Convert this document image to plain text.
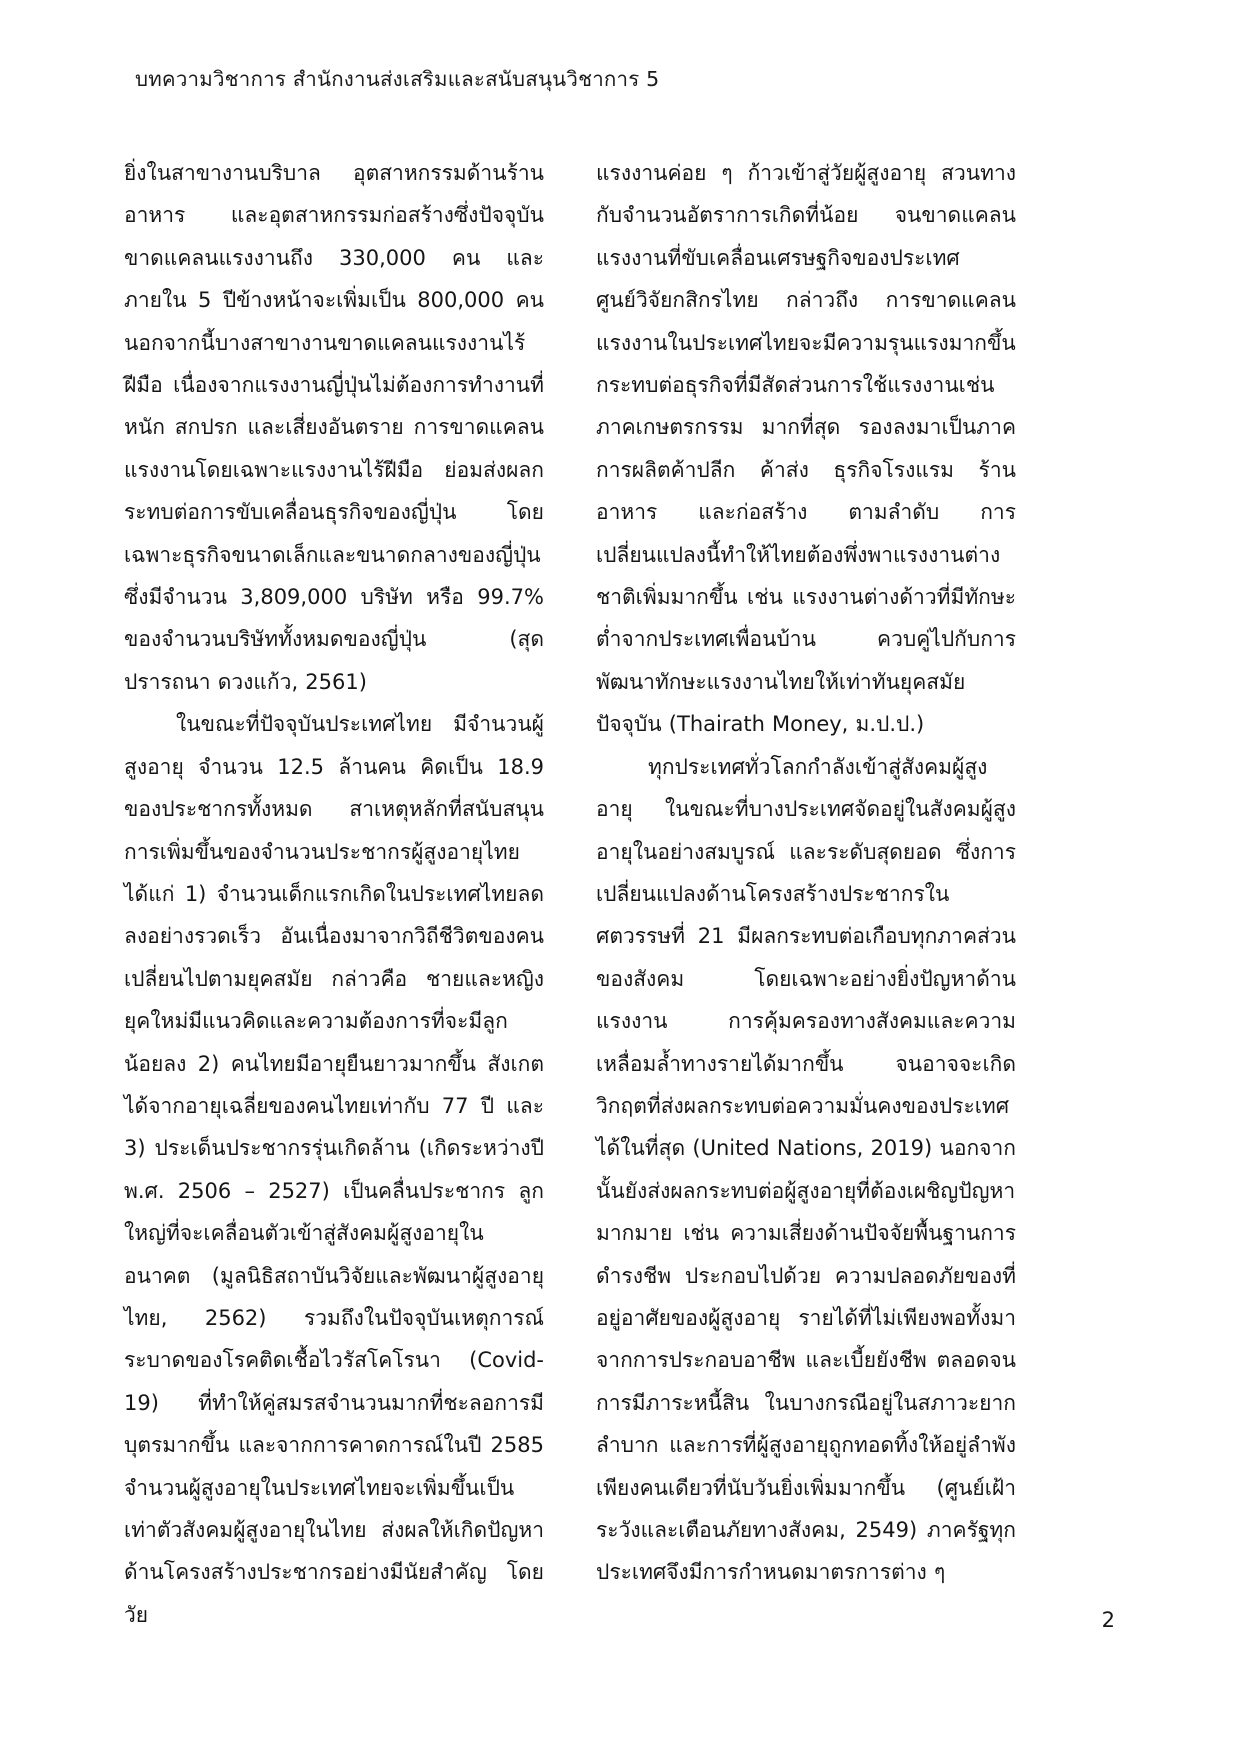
บทความวิชาการ สำนักงานส่งเสริมและสนับสนุนวิชาการ 5

ยิ่งในสาขางานบริบาล อุตสาหกรรมด้านร้านอาหาร และอุตสาหกรรมก่อสร้างซึ่งปัจจุบันขาดแคลนแรงงานถึง 330,000 คน และภายใน 5 ปีข้างหน้าจะเพิ่มเป็น 800,000 คน นอกจากนี้บางสาขางานขาดแคลนแรงงานไร้ฝีมือ เนื่องจากแรงงานญี่ปุ่นไม่ต้องการทำงานที่หนัก สกปรก และเสี่ยงอันตราย การขาดแคลนแรงงานโดยเฉพาะแรงงานไร้ฝีมือ ย่อมส่งผลกระทบต่อการขับเคลื่อนธุรกิจของญี่ปุ่น โดยเฉพาะธุรกิจขนาดเล็กและขนาดกลางของญี่ปุ่น ซึ่งมีจำนวน 3,809,000 บริษัท หรือ 99.7% ของจำนวนบริษัททั้งหมดของญี่ปุ่น (สุดปรารถนา ดวงแก้ว, 2561)

ในขณะที่ปัจจุบันประเทศไทย มีจำนวนผู้สูงอายุ จำนวน 12.5 ล้านคน คิดเป็น 18.9 ของประชากรทั้งหมด สาเหตุหลักที่สนับสนุนการเพิ่มขึ้นของจำนวนประชากรผู้สูงอายุไทย ได้แก่ 1) จำนวนเด็กแรกเกิดในประเทศไทยลดลงอย่างรวดเร็ว อันเนื่องมาจากวิถีชีวิตของคนเปลี่ยนไปตามยุคสมัย กล่าวคือ ชายและหญิง ยุคใหม่มีแนวคิดและความต้องการที่จะมีลูกน้อยลง 2) คนไทยมีอายุยืนยาวมากขึ้น สังเกตได้จากอายุเฉลี่ยของคนไทยเท่ากับ 77 ปี และ 3) ประเด็นประชากรรุ่นเกิดล้าน (เกิดระหว่างปี พ.ศ. 2506 – 2527) เป็นคลื่นประชากร ลูกใหญ่ที่จะเคลื่อนตัวเข้าสู่สังคมผู้สูงอายุในอนาคต (มูลนิธิสถาบันวิจัยและพัฒนาผู้สูงอายุไทย, 2562) รวมถึงในปัจจุบันเหตุการณ์ระบาดของโรคติดเชื้อไวรัสโคโรนา (Covid-19) ที่ทำให้คู่สมรสจำนวนมากที่ชะลอการมีบุตรมากขึ้น และจากการคาดการณ์ในปี 2585 จำนวนผู้สูงอายุในประเทศไทยจะเพิ่มขึ้นเป็นเท่าตัวสังคมผู้สูงอายุในไทย ส่งผลให้เกิดปัญหาด้านโครงสร้างประชากรอย่างมีนัยสำคัญ โดยวัย

แรงงานค่อย ๆ ก้าวเข้าสู่วัยผู้สูงอายุ สวนทางกับจำนวนอัตราการเกิดที่น้อย จนขาดแคลนแรงงานที่ขับเคลื่อนเศรษฐกิจของประเทศ ศูนย์วิจัยกสิกรไทย กล่าวถึง การขาดแคลนแรงงานในประเทศไทยจะมีความรุนแรงมากขึ้น กระทบต่อธุรกิจที่มีสัดส่วนการใช้แรงงานเช่น ภาคเกษตรกรรม มากที่สุด รองลงมาเป็นภาคการผลิตค้าปลีก ค้าส่ง ธุรกิจโรงแรม ร้านอาหาร และก่อสร้าง ตามลำดับ การเปลี่ยนแปลงนี้ทำให้ไทยต้องพึ่งพาแรงงานต่างชาติเพิ่มมากขึ้น เช่น แรงงานต่างด้าวที่มีทักษะต่ำจากประเทศเพื่อนบ้าน ควบคู่ไปกับการพัฒนาทักษะแรงงานไทยให้เท่าทันยุคสมัยปัจจุบัน (Thairath Money, ม.ป.ป.)

ทุกประเทศทั่วโลกกำลังเข้าสู่สังคมผู้สูงอายุ ในขณะที่บางประเทศจัดอยู่ในสังคมผู้สูงอายุในอย่างสมบูรณ์ และระดับสุดยอด ซึ่งการเปลี่ยนแปลงด้านโครงสร้างประชากรในศตวรรษที่ 21 มีผลกระทบต่อเกือบทุกภาคส่วนของสังคม โดยเฉพาะอย่างยิ่งปัญหาด้านแรงงาน การคุ้มครองทางสังคมและความเหลื่อมล้ำทางรายได้มากขึ้น จนอาจจะเกิดวิกฤตที่ส่งผลกระทบต่อความมั่นคงของประเทศได้ในที่สุด (United Nations, 2019) นอกจากนั้นยังส่งผลกระทบต่อผู้สูงอายุที่ต้องเผชิญปัญหามากมาย เช่น ความเสี่ยงด้านปัจจัยพื้นฐานการดำรงชีพ ประกอบไปด้วย ความปลอดภัยของที่อยู่อาศัยของผู้สูงอายุ รายได้ที่ไม่เพียงพอทั้งมาจากการประกอบอาชีพ และเบี้ยยังชีพ ตลอดจนการมีภาระหนี้สิน ในบางกรณีอยู่ในสภาวะยากลำบาก และการที่ผู้สูงอายุถูกทอดทิ้งให้อยู่ลำพังเพียงคนเดียวที่นับวันยิ่งเพิ่มมากขึ้น (ศูนย์เฝ้าระวังและเตือนภัยทางสังคม, 2549) ภาครัฐทุกประเทศจึงมีการกำหนดมาตรการต่าง ๆ

2
